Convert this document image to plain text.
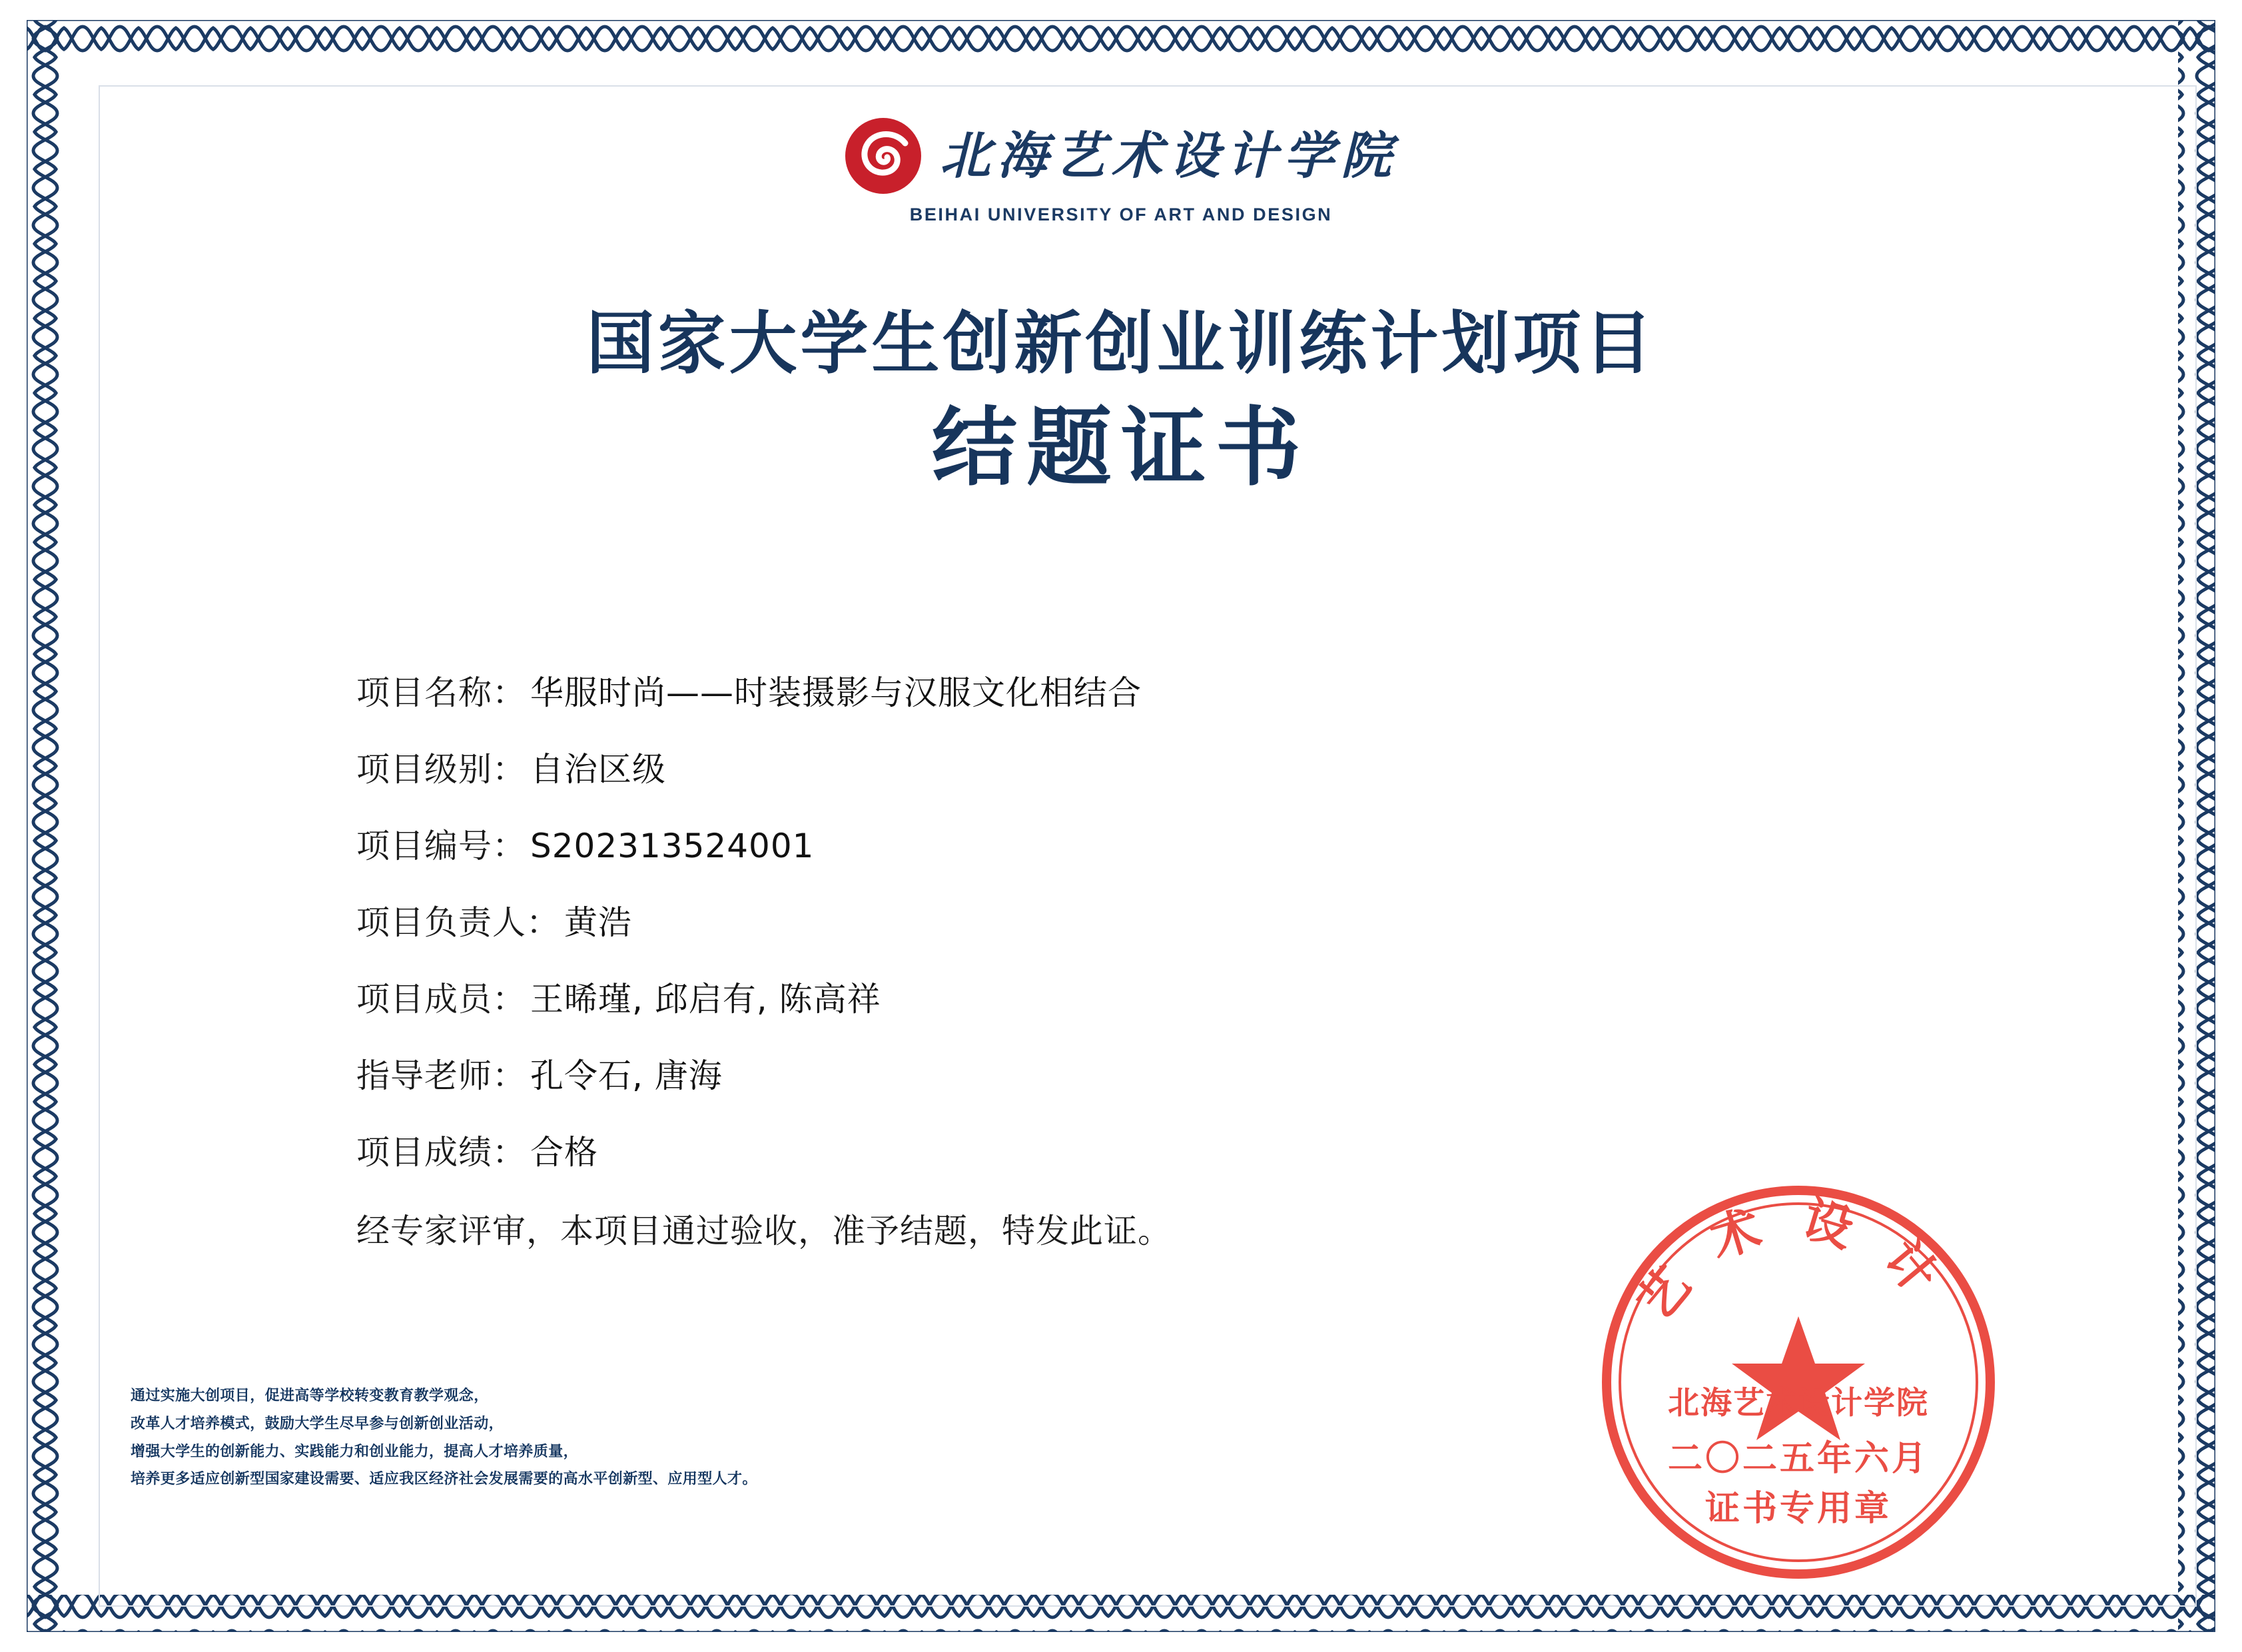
北海艺术设计学院
BEIHAI UNIVERSITY OF ART AND DESIGN
国家大学生创新创业训练计划项目
结题证书
项目名称： 华服时尚——时装摄影与汉服文化相结合
项目级别： 自治区级
项目编号： S202313524001
项目负责人： 黄浩
项目成员： 王晞瑾, 邱启有, 陈高祥
指导老师： 孔令石, 唐海
项目成绩： 合格
经专家评审，本项目通过验收，准予结题，特发此证。
通过实施大创项目，促进高等学校转变教育教学观念，
改革人才培养模式，鼓励大学生尽早参与创新创业活动，
增强大学生的创新能力、实践能力和创业能力，提高人才培养质量，
培养更多适应创新型国家建设需要、适应我区经济社会发展需要的高水平创新型、应用型人才。
艺术设计
北海艺术设计学院
二〇二五年六月
证书专用章
